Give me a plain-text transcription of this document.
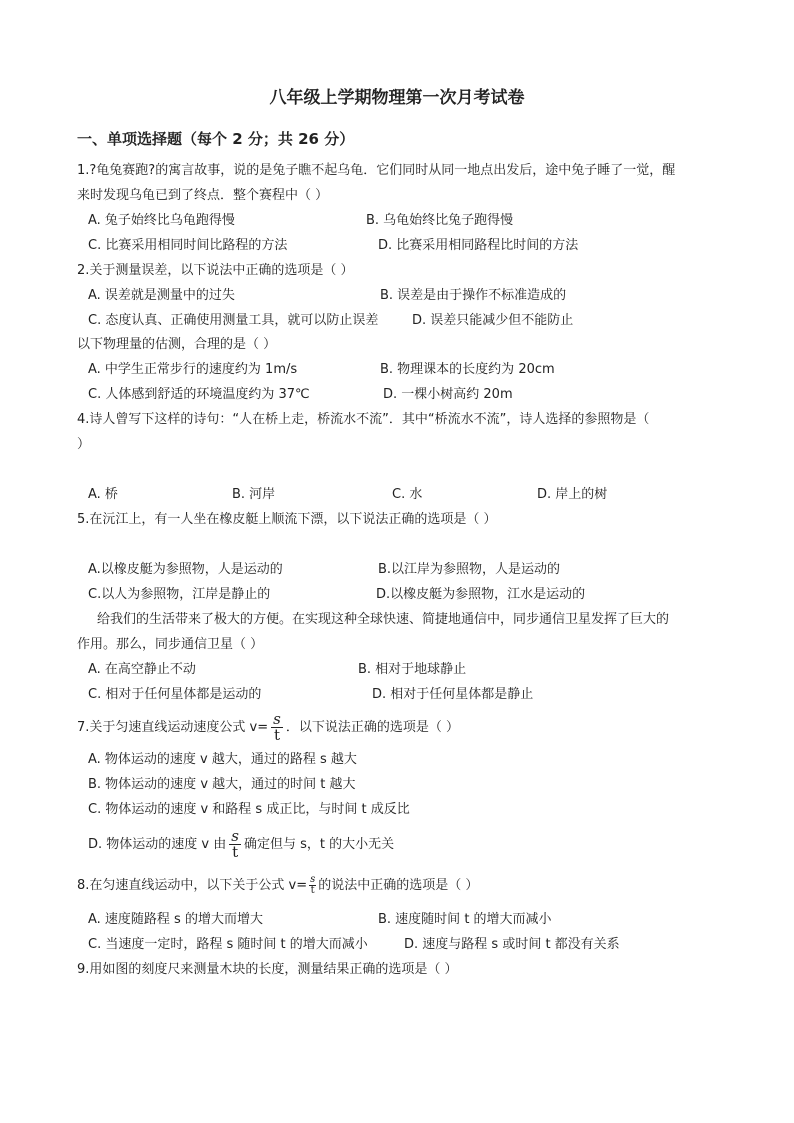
八年级上学期物理第一次月考试卷
一、单项选择题（每个 2 分；共 26 分）
1.?龟兔赛跑?的寓言故事，说的是兔子瞧不起乌龟．它们同时从同一地点出发后，途中兔子睡了一觉，醒
来时发现乌龟已到了终点．整个赛程中（ ）
A. 兔子始终比乌龟跑得慢	B. 乌龟始终比兔子跑得慢
C. 比赛采用相同时间比路程的方法	D. 比赛采用相同路程比时间的方法
2.关于测量误差，以下说法中正确的选项是（ ）
A. 误差就是测量中的过失	B. 误差是由于操作不标准造成的
C. 态度认真、正确使用测量工具，就可以防止误差	D. 误差只能减少但不能防止
以下物理量的估测，合理的是（ ）
A. 中学生正常步行的速度约为 1m/s	B. 物理课本的长度约为 20cm
C. 人体感到舒适的环境温度约为 37℃	D. 一棵小树高约 20m
4.诗人曾写下这样的诗句：“人在桥上走，桥流水不流”．其中“桥流水不流”，诗人选择的参照物是（
）
A. 桥	B. 河岸	C. 水	D. 岸上的树
5.在沅江上，有一人坐在橡皮艇上顺流下漂，以下说法正确的选项是（ ）
A.以橡皮艇为参照物，人是运动的	B.以江岸为参照物，人是运动的
C.以人为参照物，江岸是静止的	D.以橡皮艇为参照物，江水是运动的
给我们的生活带来了极大的方便。在实现这种全球快速、简捷地通信中，同步通信卫星发挥了巨大的
作用。那么，同步通信卫星（ ）
A. 在高空静止不动	B. 相对于地球静止
C. 相对于任何星体都是运动的	D. 相对于任何星体都是静止
7.关于匀速直线运动速度公式 $v= \frac{s}{t}$ ．以下说法正确的选项是（ ）
A. 物体运动的速度 v 越大，通过的路程 s 越大
B. 物体运动的速度 v 越大，通过的时间 t 越大
C. 物体运动的速度 v 和路程 s 成正比，与时间 t 成反比
D. 物体运动的速度 v 由 $\frac{s}{t}$ 确定但与 s，t 的大小无关
8.在匀速直线运动中，以下关于公式 $v= \frac{s}{t}$ 的说法中正确的选项是（ ）
A. 速度随路程 s 的增大而增大	B. 速度随时间 t 的增大而减小
C. 当速度一定时，路程 s 随时间 t 的增大而减小	D. 速度与路程 s 或时间 t 都没有关系
9.用如图的刻度尺来测量木块的长度，测量结果正确的选项是（ ）
